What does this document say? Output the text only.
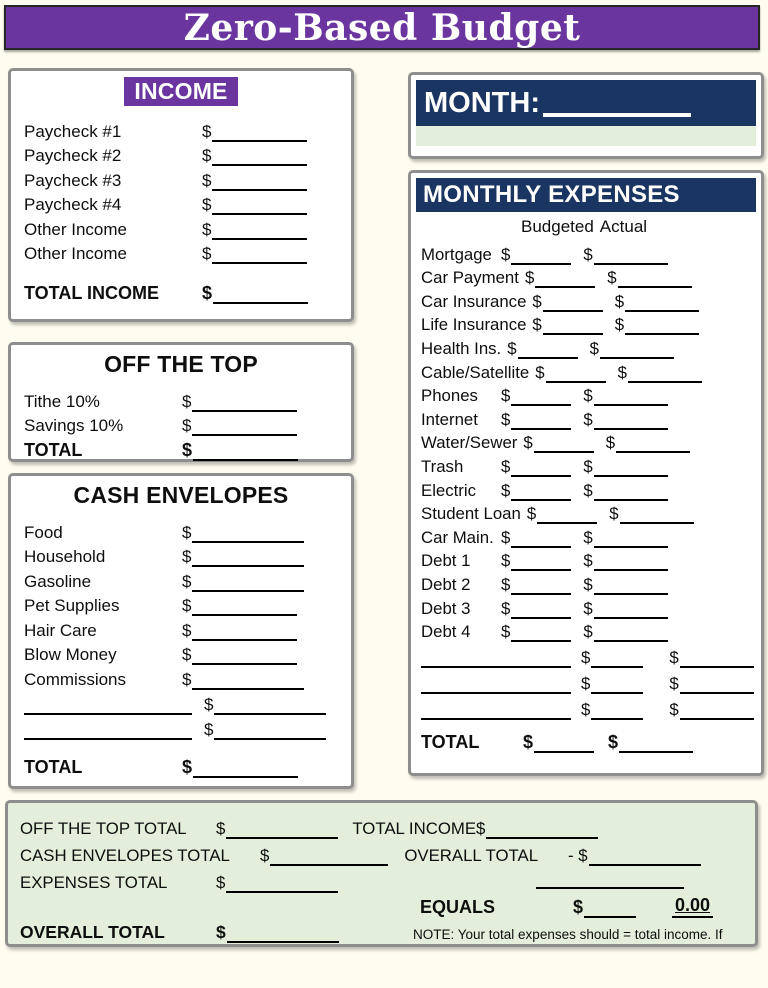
Zero-Based Budget
INCOME
Paycheck #1	$
Paycheck #2	$
Paycheck #3	$
Paycheck #4	$
Other Income	$
Other Income	$
TOTAL INCOME	$
OFF THE TOP
Tithe 10%	$
Savings 10%	$
TOTAL	$
CASH ENVELOPES
Food	$
Household	$
Gasoline	$
Pet Supplies	$
Hair Care	$
Blow Money	$
Commissions	$
$
$
TOTAL	$
MONTH:
MONTHLY EXPENSES
Budgeted Actual
Mortgage $	$
Car Payment $	$
Car Insurance $	$
Life Insurance $	$
Health Ins. $	$
Cable/Satellite $	$
Phones	$	$
Internet	$	$
Water/Sewer $	$
Trash	$	$
Electric	$	$
Student Loan $	$
Car Main. $	$
Debt 1	$	$
Debt 2	$	$
Debt 3	$	$
Debt 4	$	$
$	$
$	$
$	$
TOTAL	$	$
OFF THE TOP TOTAL	$	TOTAL INCOME $
CASH ENVELOPES TOTAL	$	OVERALL TOTAL - $
EXPENSES TOTAL	$
EQUALS	$	0.00
OVERALL TOTAL	$	NOTE: Your total expenses should = total income. If
